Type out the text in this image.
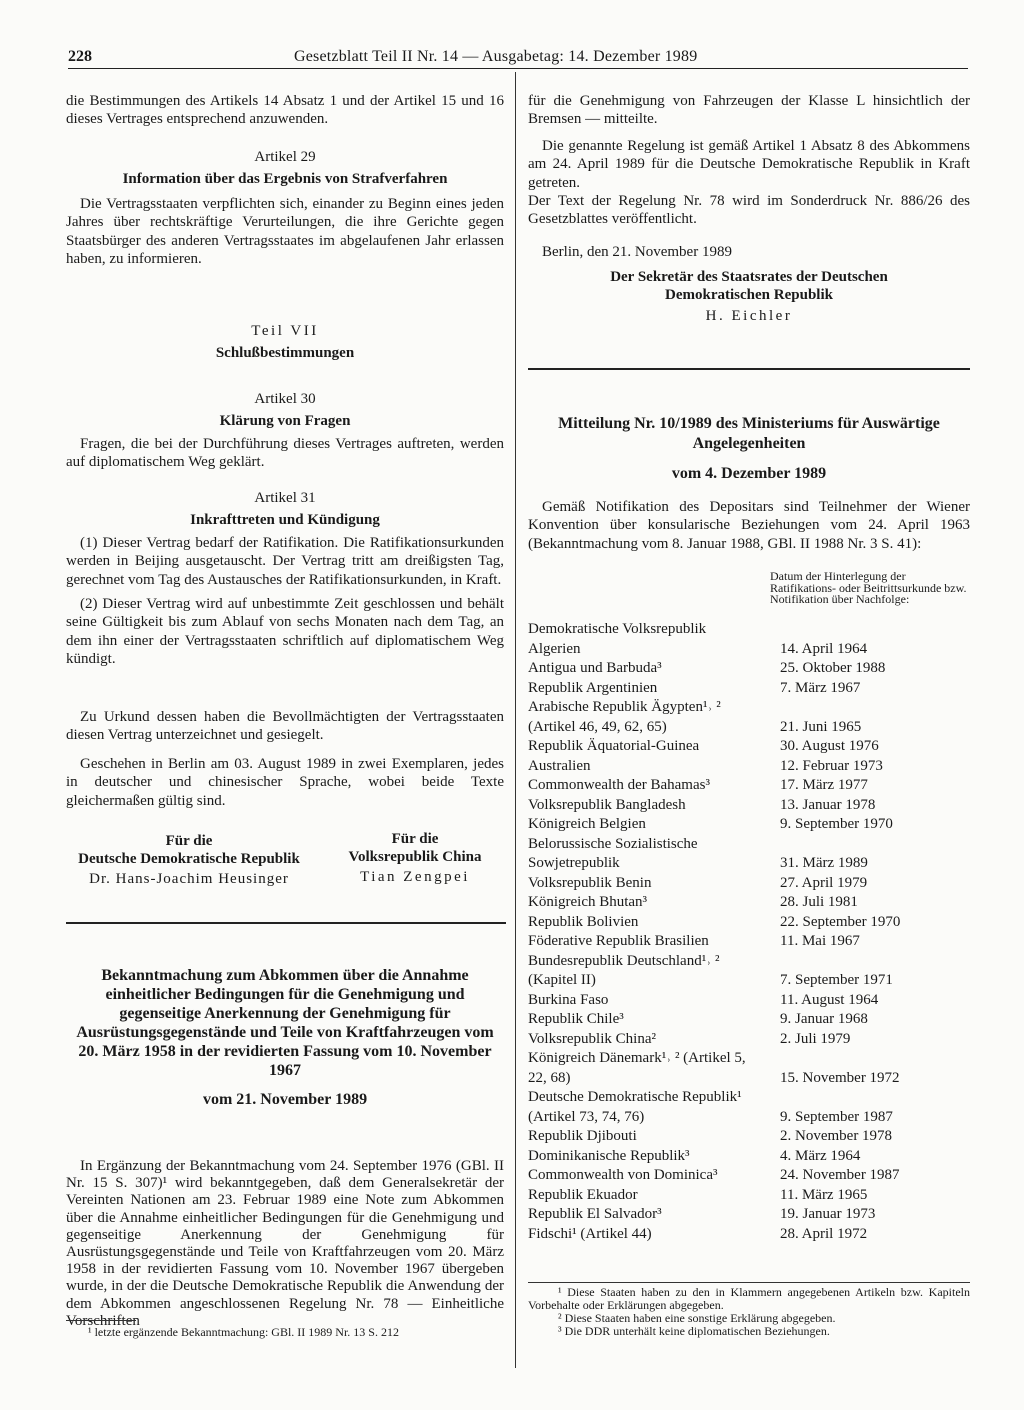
228	Gesetzblatt Teil II Nr. 14 — Ausgabetag: 14. Dezember 1989

die Bestimmungen des Artikels 14 Absatz 1 und der Artikel 15 und 16 dieses Vertrages entsprechend anzuwenden.

Artikel 29

Information über das Ergebnis von Strafverfahren

Die Vertragsstaaten verpflichten sich, einander zu Beginn eines jeden Jahres über rechtskräftige Verurteilungen, die ihre Gerichte gegen Staatsbürger des anderen Vertragsstaates im abgelaufenen Jahr erlassen haben, zu informieren.

Teil VII

Schlußbestimmungen

Artikel 30

Klärung von Fragen

Fragen, die bei der Durchführung dieses Vertrages auftreten, werden auf diplomatischem Weg geklärt.

Artikel 31

Inkrafttreten und Kündigung

(1) Dieser Vertrag bedarf der Ratifikation. Die Ratifikationsurkunden werden in Beijing ausgetauscht. Der Vertrag tritt am dreißigsten Tag, gerechnet vom Tag des Austausches der Ratifikationsurkunden, in Kraft.

(2) Dieser Vertrag wird auf unbestimmte Zeit geschlossen und behält seine Gültigkeit bis zum Ablauf von sechs Monaten nach dem Tag, an dem ihn einer der Vertragsstaaten schriftlich auf diplomatischem Weg kündigt.

Zu Urkund dessen haben die Bevollmächtigten der Vertragsstaaten diesen Vertrag unterzeichnet und gesiegelt.

Geschehen in Berlin am 03. August 1989 in zwei Exemplaren, jedes in deutscher und chinesischer Sprache, wobei beide Texte gleichermaßen gültig sind.

Für die
Deutsche Demokratische Republik
Dr. Hans-Joachim Heusinger
Für die
Volksrepublik China
Tian Zengpei

Bekanntmachung zum Abkommen über die Annahme einheitlicher Bedingungen für die Genehmigung und gegenseitige Anerkennung der Genehmigung für Ausrüstungsgegenstände und Teile von Kraftfahrzeugen vom 20. März 1958 in der revidierten Fassung vom 10. November 1967

vom 21. November 1989

In Ergänzung der Bekanntmachung vom 24. September 1976 (GBl. II Nr. 15 S. 307)¹ wird bekanntgegeben, daß dem Generalsekretär der Vereinten Nationen am 23. Februar 1989 eine Note zum Abkommen über die Annahme einheitlicher Bedingungen für die Genehmigung und gegenseitige Anerkennung der Genehmigung für Ausrüstungsgegenstände und Teile von Kraftfahrzeugen vom 20. März 1958 in der revidierten Fassung vom 10. November 1967 übergeben wurde, in der die Deutsche Demokratische Republik die Anwendung der dem Abkommen angeschlossenen Regelung Nr. 78 — Einheitliche Vorschriften

¹ letzte ergänzende Bekanntmachung: GBl. II 1989 Nr. 13 S. 212

für die Genehmigung von Fahrzeugen der Klasse L hinsichtlich der Bremsen — mitteilte.

Die genannte Regelung ist gemäß Artikel 1 Absatz 8 des Abkommens am 24. April 1989 für die Deutsche Demokratische Republik in Kraft getreten.

Der Text der Regelung Nr. 78 wird im Sonderdruck Nr. 886/26 des Gesetzblattes veröffentlicht.

Berlin, den 21. November 1989

Der Sekretär des Staatsrates der Deutschen Demokratischen Republik

H. Eichler

Mitteilung Nr. 10/1989 des Ministeriums für Auswärtige Angelegenheiten

vom 4. Dezember 1989

Gemäß Notifikation des Depositars sind Teilnehmer der Wiener Konvention über konsularische Beziehungen vom 24. April 1963 (Bekanntmachung vom 8. Januar 1988, GBl. II 1988 Nr. 3 S. 41):

Datum der Hinterlegung der Ratifikations- oder Beitrittsurkunde bzw. Notifikation über Nachfolge:
Demokratische Volksrepublik Algerien	14. April 1964
Antigua und Barbuda³	25. Oktober 1988
Republik Argentinien	7. März 1967
Arabische Republik Ägypten¹˒ ² (Artikel 46, 49, 62, 65)	21. Juni 1965
Republik Äquatorial-Guinea	30. August 1976
Australien	12. Februar 1973
Commonwealth der Bahamas³	17. März 1977
Volksrepublik Bangladesh	13. Januar 1978
Königreich Belgien	9. September 1970
Belorussische Sozialistische Sowjetrepublik	31. März 1989
Volksrepublik Benin	27. April 1979
Königreich Bhutan³	28. Juli 1981
Republik Bolivien	22. September 1970
Föderative Republik Brasilien	11. Mai 1967
Bundesrepublik Deutschland¹˒ ² (Kapitel II)	7. September 1971
Burkina Faso	11. August 1964
Republik Chile³	9. Januar 1968
Volksrepublik China²	2. Juli 1979
Königreich Dänemark¹˒ ² (Artikel 5, 22, 68)	15. November 1972
Deutsche Demokratische Republik¹ (Artikel 73, 74, 76)	9. September 1987
Republik Djibouti	2. November 1978
Dominikanische Republik³	4. März 1964
Commonwealth von Dominica³	24. November 1987
Republik Ekuador	11. März 1965
Republik El Salvador³	19. Januar 1973
Fidschi¹ (Artikel 44)	28. April 1972

¹ Diese Staaten haben zu den in Klammern angegebenen Artikeln bzw. Kapiteln Vorbehalte oder Erklärungen abgegeben.

² Diese Staaten haben eine sonstige Erklärung abgegeben.

³ Die DDR unterhält keine diplomatischen Beziehungen.
